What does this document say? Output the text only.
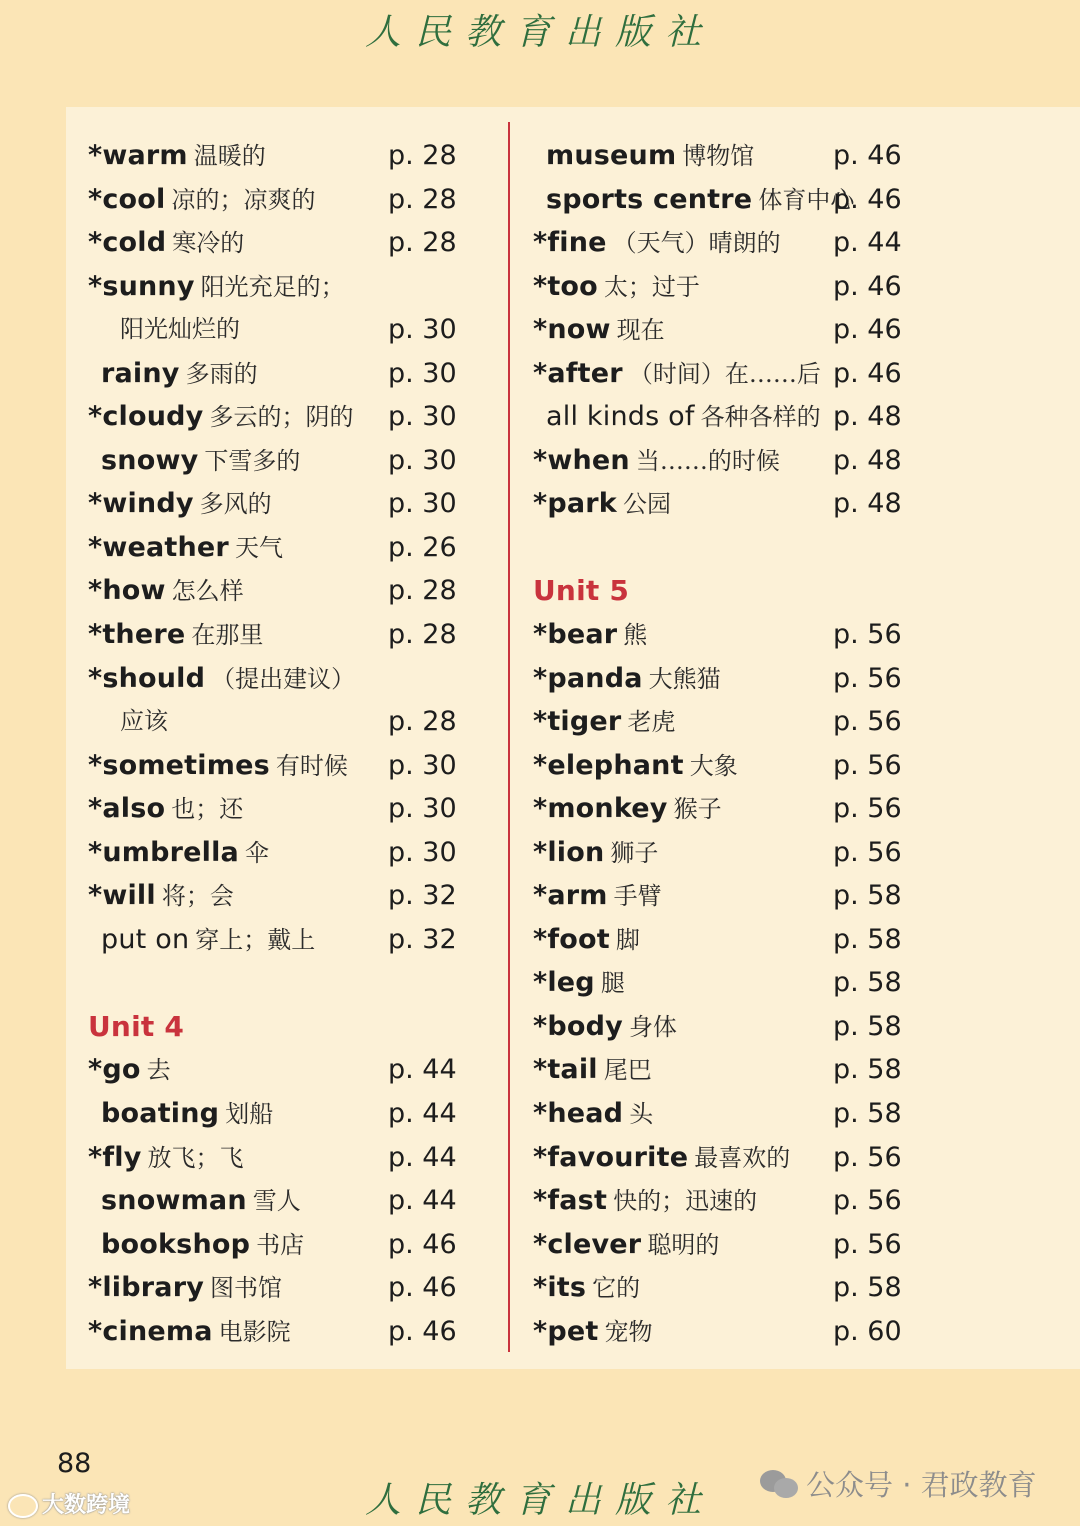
人民教育出版社
*warm 温暖的	p. 28
*cool 凉的；凉爽的	p. 28
*cold 寒冷的	p. 28
*sunny 阳光充足的；
阳光灿烂的	p. 30
rainy 多雨的	p. 30
*cloudy 多云的；阴的 p. 30
snowy 下雪多的	p. 30
*windy 多风的	p. 30
*weather 天气	p. 26
*how 怎么样	p. 28
*there 在那里	p. 28
*should （提出建议）
应该	p. 28
*sometimes 有时候 p. 30
*also 也；还	p. 30
*umbrella 伞	p. 30
*will 将；会	p. 32
put on 穿上；戴上	p. 32
Unit 4
*go 去	p. 44
boating 划船	p. 44
*fly 放飞；飞	p. 44
snowman 雪人	p. 44
bookshop 书店	p. 46
*library 图书馆	p. 46
*cinema 电影院	p. 46
museum 博物馆	p. 46
sports centre 体育中心
p. 46
*fine （天气）晴朗的 p. 44
*too 太；过于	p. 46
*now 现在	p. 46
*after （时间）在……后 p. 46
all kinds of 各种各样的 p. 48
*when 当……的时候 p. 48
*park 公园	p. 48
Unit 5
*bear 熊	p. 56
*panda 大熊猫	p. 56
*tiger 老虎	p. 56
*elephant 大象	p. 56
*monkey 猴子	p. 56
*lion 狮子	p. 56
*arm 手臂	p. 58
*foot 脚	p. 58
*leg 腿	p. 58
*body 身体	p. 58
*tail 尾巴	p. 58
*head 头	p. 58
*favourite 最喜欢的 p. 56
*fast 快的；迅速的	p. 56
*clever 聪明的	p. 56
*its 它的	p. 58
*pet 宠物	p. 60
88
人民教育出版社
大数跨境
公众号 · 君政教育
